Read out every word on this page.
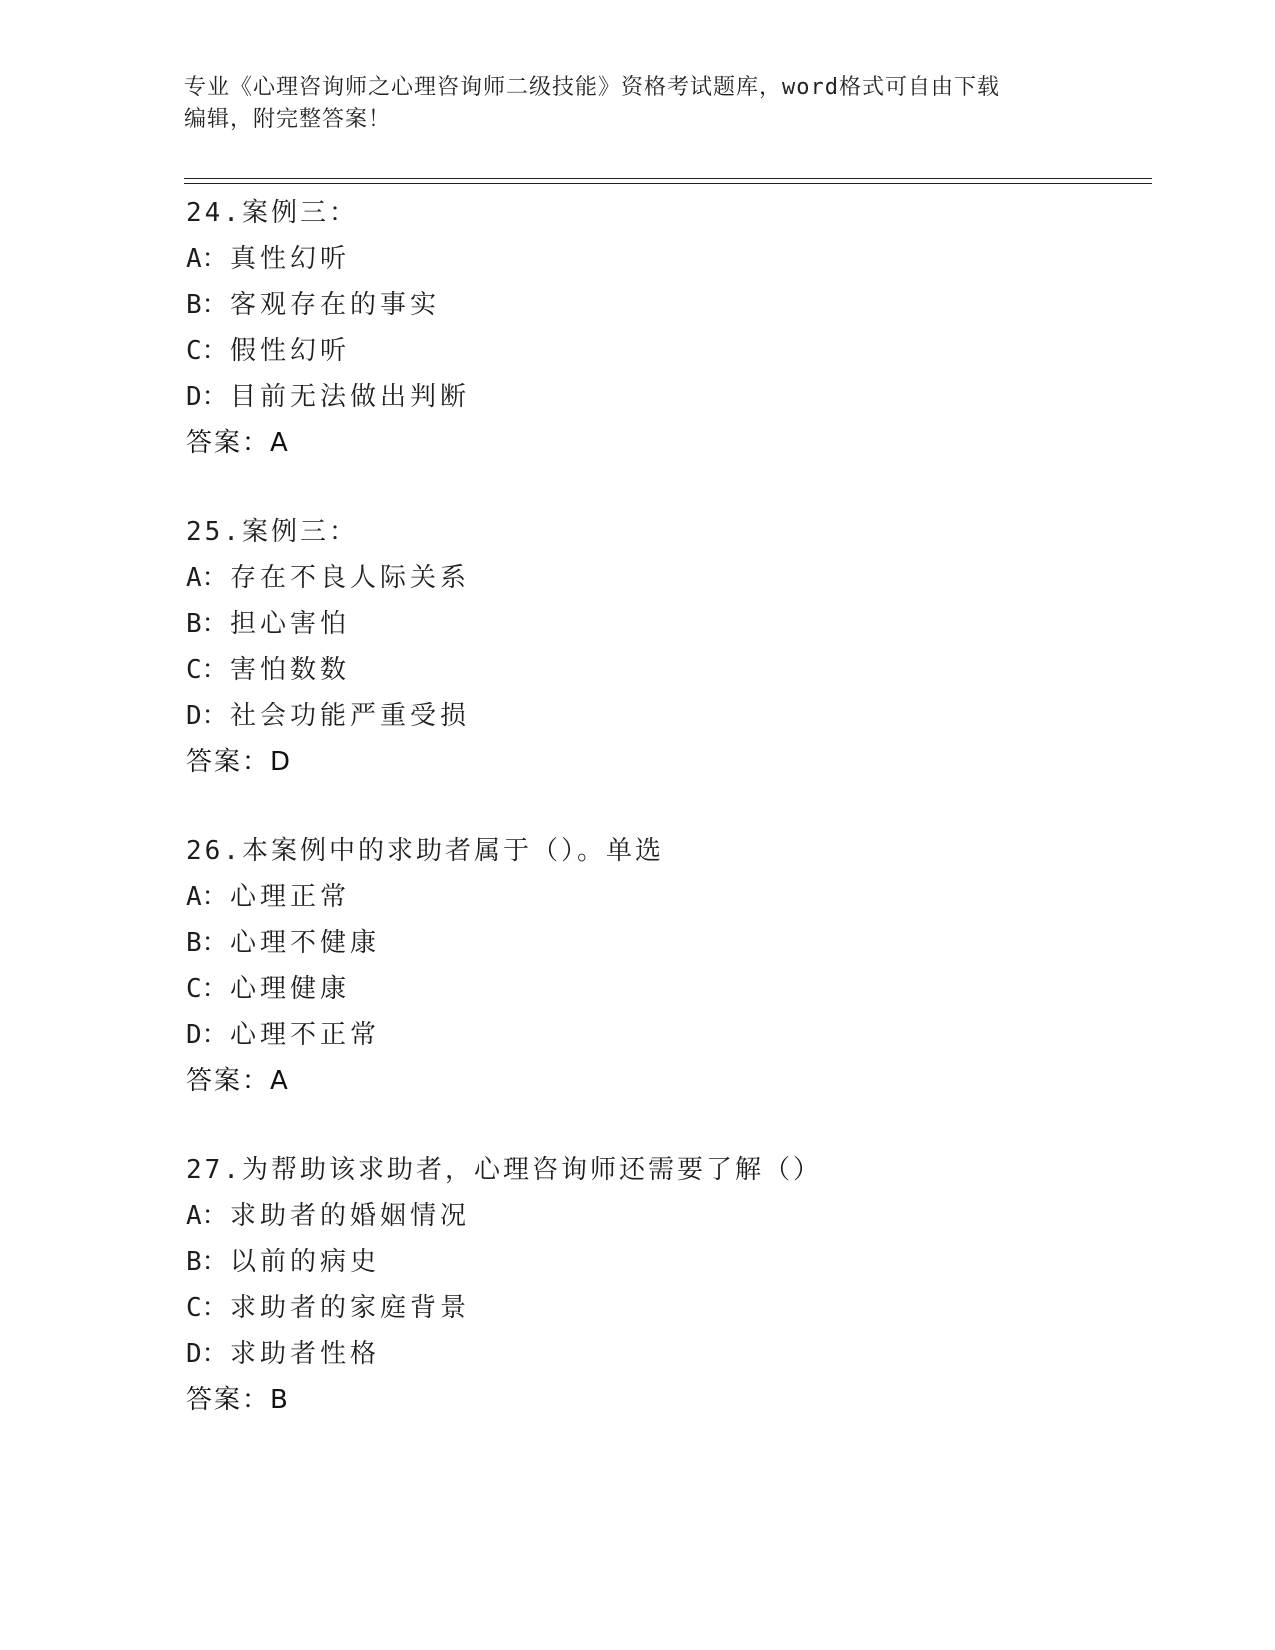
专业《心理咨询师之心理咨询师二级技能》资格考试题库，word格式可自由下载
编辑，附完整答案！
24.案例三：
A：真性幻听
B：客观存在的事实
C：假性幻听
D：目前无法做出判断
答案：A
25.案例三：
A：存在不良人际关系
B：担心害怕
C：害怕数数
D：社会功能严重受损
答案：D
26.本案例中的求助者属于（）。单选
A：心理正常
B：心理不健康
C：心理健康
D：心理不正常
答案：A
27.为帮助该求助者，心理咨询师还需要了解（）
A：求助者的婚姻情况
B：以前的病史
C：求助者的家庭背景
D：求助者性格
答案：B
